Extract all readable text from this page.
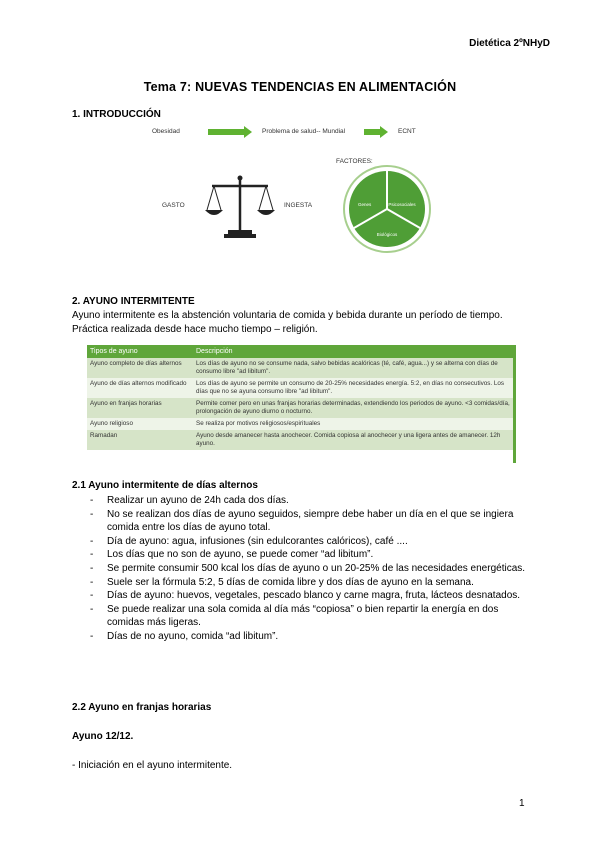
Dietética 2ºNHyD
Tema 7: NUEVAS TENDENCIAS EN ALIMENTACIÓN
1. INTRODUCCIÓN
Obesidad	Problema de salud-- Mundial	ECNT
FACTORES:
GASTO	INGESTA	Genes	Psicosociales
Biológicos
2. AYUNO INTERMITENTE
Ayuno intermitente es la abstención voluntaria de comida y bebida durante un período de tiempo. Práctica realizada desde hace mucho tiempo – religión.
Tipos de ayuno	Descripción
Ayuno completo de días alternos	Los días de ayuno no se consume nada, salvo bebidas acalóricas (té, café, agua...) y se alterna con días de consumo libre "ad libitum".
Ayuno de días alternos modificado	Los días de ayuno se permite un consumo de 20-25% necesidades energía. 5:2, en días no consecutivos. Los días que no se ayuna consumo libre "ad libitum".
Ayuno en franjas horarias	Permite comer pero en unas franjas horarias determinadas, extendiendo los periodos de ayuno. <3 comidas/día, prolongación de ayuno diurno o nocturno.
Ayuno religioso	Se realiza por motivos religiosos/espirituales
Ramadan	Ayuno desde amanecer hasta anochecer. Comida copiosa al anochecer y una ligera antes de amanecer. 12h ayuno.
2.1 Ayuno intermitente de días alternos
- Realizar un ayuno de 24h cada dos días.
- No se realizan dos días de ayuno seguidos, siempre debe haber un día en el que se ingiera comida entre los días de ayuno total.
- Día de ayuno: agua, infusiones (sin edulcorantes calóricos), café ....
- Los días que no son de ayuno, se puede comer “ad libitum”.
- Se permite consumir 500 kcal los días de ayuno o un 20-25% de las necesidades energéticas.
- Suele ser la fórmula 5:2, 5 días de comida libre y dos días de ayuno en la semana.
- Días de ayuno: huevos, vegetales, pescado blanco y carne magra, fruta, lácteos desnatados.
- Se puede realizar una sola comida al día más “copiosa” o bien repartir la energía en dos comidas más ligeras.
- Días de no ayuno, comida “ad libitum”.
2.2 Ayuno en franjas horarias
Ayuno 12/12.
- Iniciación en el ayuno intermitente.
1
